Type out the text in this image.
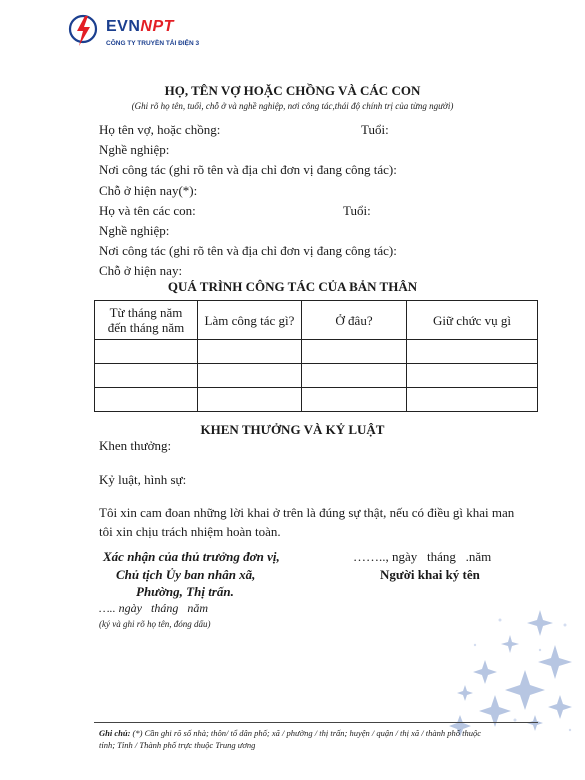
EVNNPT
CÔNG TY TRUYỀN TẢI ĐIỆN 3
HỌ, TÊN VỢ HOẶC CHỒNG VÀ CÁC CON
(Ghi rõ họ tên, tuổi, chỗ ở và nghề nghiệp, nơi công tác,thái độ chính trị của từng người)
Họ tên vợ, hoặc chồng:	Tuổi:
Nghề nghiệp:
Nơi công tác (ghi rõ tên và địa chỉ đơn vị đang công tác):
Chỗ ở hiện nay(*):
Họ và tên các con:	Tuổi:
Nghề nghiệp:
Nơi công tác (ghi rõ tên và địa chỉ đơn vị đang công tác):
Chỗ ở hiện nay:
QUÁ TRÌNH CÔNG TÁC CỦA BẢN THÂN
Từ tháng năm
đến tháng năm	Làm công tác gì?	Ở đâu?	Giữ chức vụ gì

KHEN THƯỞNG VÀ KỶ LUẬT
Khen thưởng:
Kỷ luật, hình sự:
Tôi xin cam đoan những lời khai ở trên là đúng sự thật, nếu có điều gì khai man
tôi xin chịu trách nhiệm hoàn toàn.
Xác nhận của thủ trưởng đơn vị,
Chủ tịch Ủy ban nhân xã,
Phường, Thị trấn.
….. ngày   tháng   năm
(ký và ghi rõ họ tên, đóng dấu)
…….., ngày   tháng   .năm
Người khai ký tên
Ghi chú: (*) Cần ghi rõ số nhà; thôn/ tổ dân phố; xã / phường / thị trấn; huyện / quận / thị xã / thành phố thuộc
tỉnh; Tỉnh / Thành phố trực thuộc Trung ương
